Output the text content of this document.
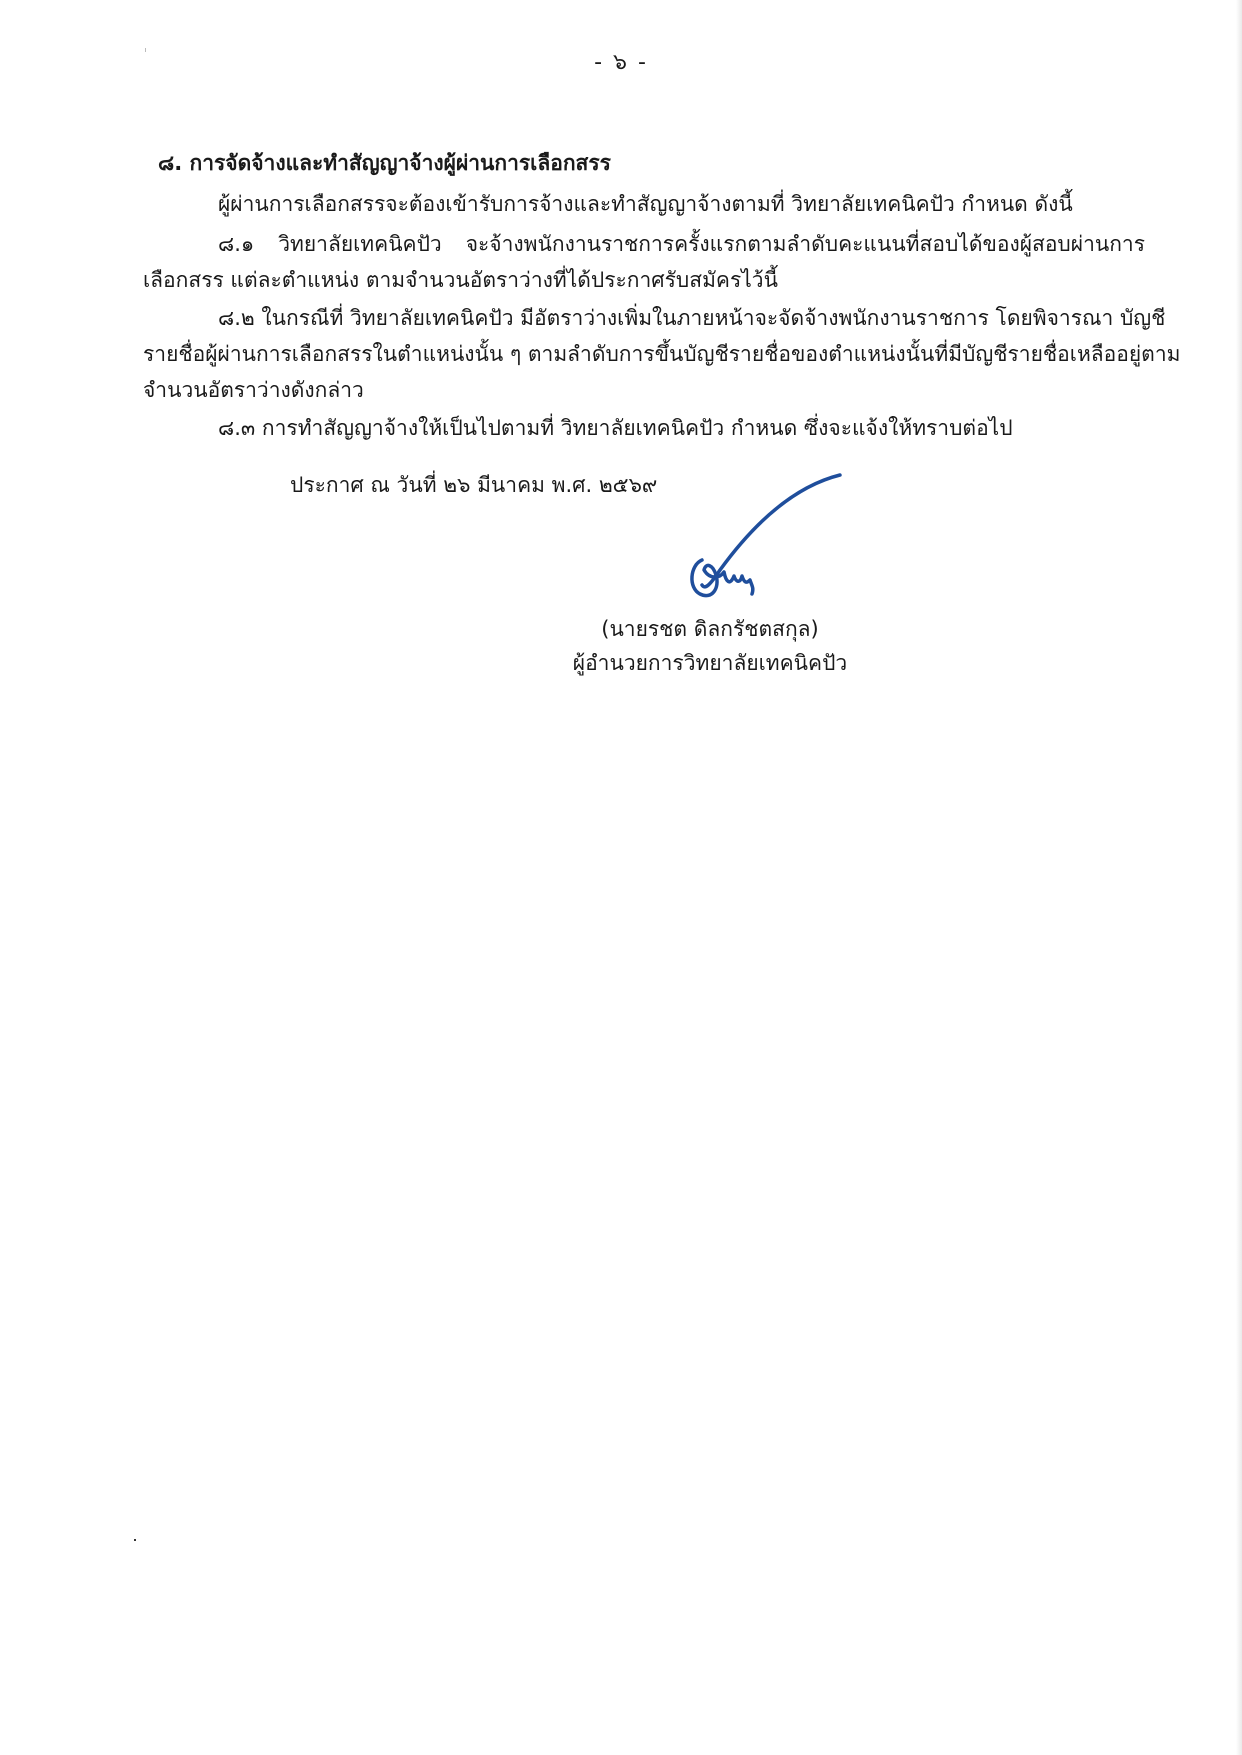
- ๖ -
๘. การจัดจ้างและทำสัญญาจ้างผู้ผ่านการเลือกสรร
ผู้ผ่านการเลือกสรรจะต้องเข้ารับการจ้างและทำสัญญาจ้างตามที่ วิทยาลัยเทคนิคปัว กำหนด ดังนี้
๘.๑ วิทยาลัยเทคนิคปัว จะจ้างพนักงานราชการครั้งแรกตามลำดับคะแนนที่สอบได้ของผู้สอบผ่านการ
เลือกสรร แต่ละตำแหน่ง ตามจำนวนอัตราว่างที่ได้ประกาศรับสมัครไว้นี้
๘.๒ ในกรณีที่ วิทยาลัยเทคนิคปัว มีอัตราว่างเพิ่มในภายหน้าจะจัดจ้างพนักงานราชการ โดยพิจารณา บัญชี
รายชื่อผู้ผ่านการเลือกสรรในตำแหน่งนั้น ๆ ตามลำดับการขึ้นบัญชีรายชื่อของตำแหน่งนั้นที่มีบัญชีรายชื่อเหลืออยู่ตาม
จำนวนอัตราว่างดังกล่าว
๘.๓ การทำสัญญาจ้างให้เป็นไปตามที่ วิทยาลัยเทคนิคปัว กำหนด ซึ่งจะแจ้งให้ทราบต่อไป
ประกาศ ณ วันที่ ๒๖ มีนาคม พ.ศ. ๒๕๖๙
(นายรชต ดิลกรัชตสกุล)
ผู้อำนวยการวิทยาลัยเทคนิคปัว
